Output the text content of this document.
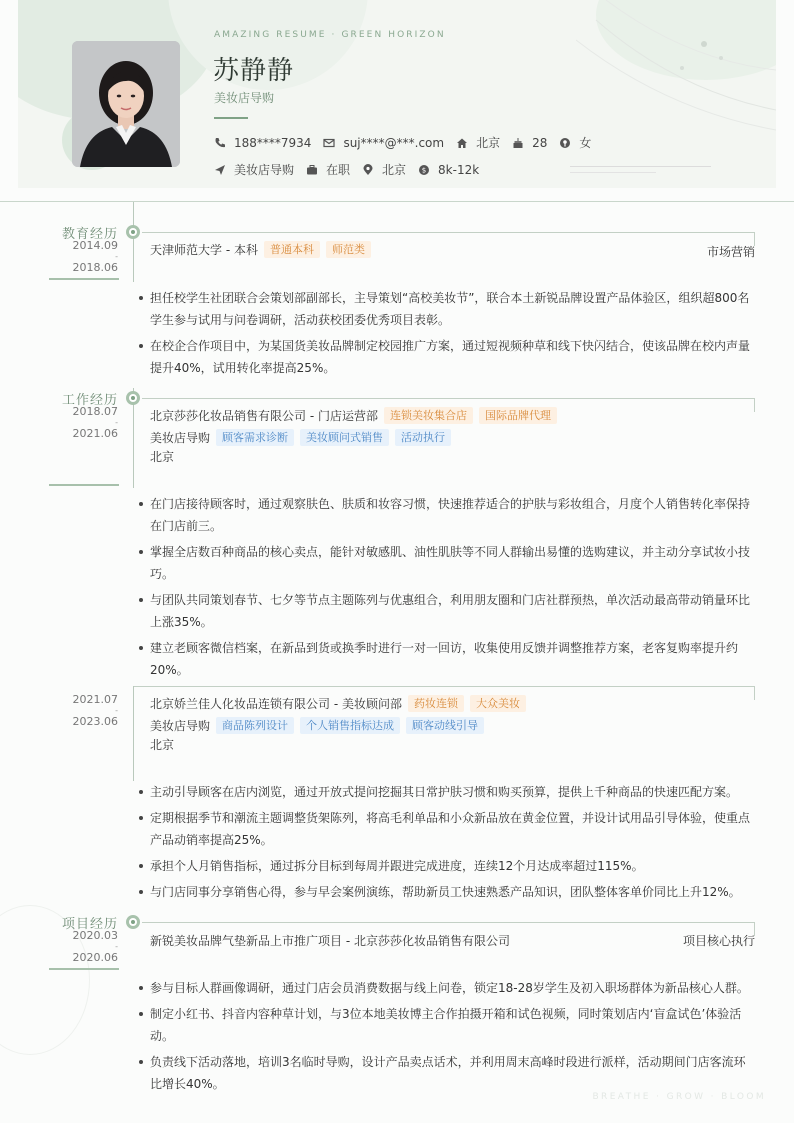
AMAZING RESUME · GREEN HORIZON
苏静静
美妆店导购
188****7934	suj****@***.com	北京	28	女
美妆店导购	在职	北京 $ 8k-12k
教育经历
2014.09
-
2018.06
天津师范大学 - 本科	普通本科	师范类	市场营销
担任校学生社团联合会策划部副部长，主导策划“高校美妆节”，联合本土新锐品牌设置产品体验区，组织超800名学生参与试用与问卷调研，活动获校团委优秀项目表彰。
在校企合作项目中，为某国货美妆品牌制定校园推广方案，通过短视频种草和线下快闪结合，使该品牌在校内声量提升40%，试用转化率提高25%。
工作经历
2018.07
-
2021.06
北京莎莎化妆品销售有限公司 - 门店运营部	连锁美妆集合店	国际品牌代理
美妆店导购	顾客需求诊断	美妆顾问式销售	活动执行
北京
在门店接待顾客时，通过观察肤色、肤质和妆容习惯，快速推荐适合的护肤与彩妆组合，月度个人销售转化率保持在门店前三。
掌握全店数百种商品的核心卖点，能针对敏感肌、油性肌肤等不同人群输出易懂的选购建议，并主动分享试妆小技巧。
与团队共同策划春节、七夕等节点主题陈列与优惠组合，利用朋友圈和门店社群预热，单次活动最高带动销量环比上涨35%。
建立老顾客微信档案，在新品到货或换季时进行一对一回访，收集使用反馈并调整推荐方案，老客复购率提升约20%。
2021.07
-
2023.06
北京娇兰佳人化妆品连锁有限公司 - 美妆顾问部	药妆连锁	大众美妆
美妆店导购	商品陈列设计	个人销售指标达成	顾客动线引导
北京
主动引导顾客在店内浏览，通过开放式提问挖掘其日常护肤习惯和购买预算，提供上千种商品的快速匹配方案。
定期根据季节和潮流主题调整货架陈列，将高毛利单品和小众新品放在黄金位置，并设计试用品引导体验，使重点产品动销率提高25%。
承担个人月销售指标，通过拆分目标到每周并跟进完成进度，连续12个月达成率超过115%。
与门店同事分享销售心得，参与早会案例演练，帮助新员工快速熟悉产品知识，团队整体客单价同比上升12%。
项目经历
2020.03
-
2020.06
新锐美妆品牌气垫新品上市推广项目 - 北京莎莎化妆品销售有限公司	项目核心执行
参与目标人群画像调研，通过门店会员消费数据与线上问卷，锁定18-28岁学生及初入职场群体为新品核心人群。
制定小红书、抖音内容种草计划，与3位本地美妆博主合作拍摄开箱和试色视频，同时策划店内‘盲盒试色’体验活动。
负责线下活动落地，培训3名临时导购，设计产品卖点话术，并利用周末高峰时段进行派样，活动期间门店客流环比增长40%。
BREATHE · GROW · BLOOM
